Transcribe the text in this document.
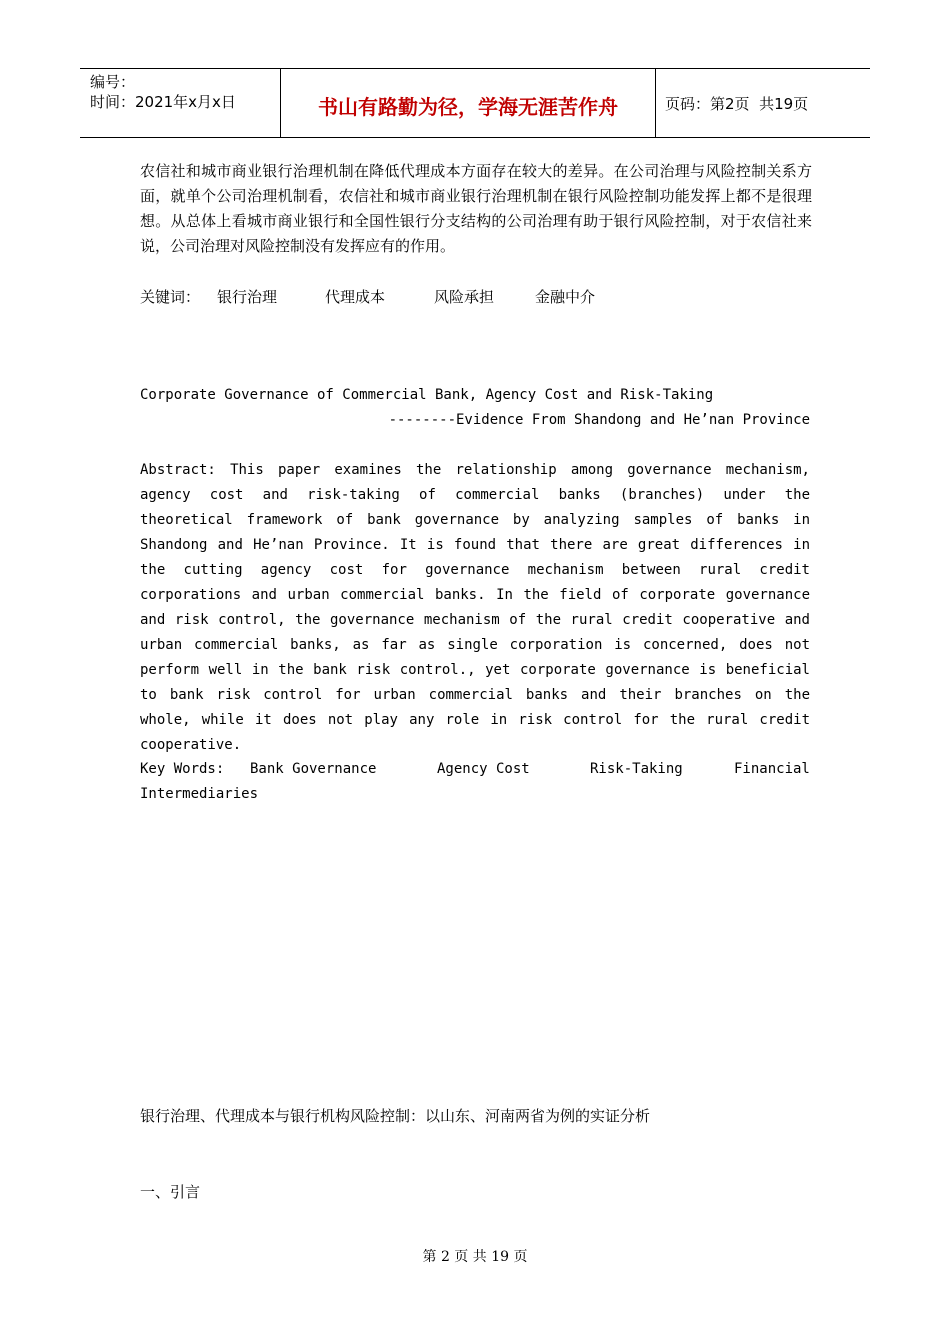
编号：
时间：2021年x月x日	书山有路勤为径，学海无涯苦作舟	页码：第2页  共19页
农信社和城市商业银行治理机制在降低代理成本方面存在较大的差异。在公司治理与风险控制关系方面，就单个公司治理机制看，农信社和城市商业银行治理机制在银行风险控制功能发挥上都不是很理想。从总体上看城市商业银行和全国性银行分支结构的公司治理有助于银行风险控制，对于农信社来说，公司治理对风险控制没有发挥应有的作用。
关键词： 银行治理	代理成本	风险承担	金融中介
Corporate Governance of Commercial Bank, Agency Cost and Risk-Taking
--------Evidence From Shandong and He’nan Province
Abstract: This paper examines the relationship among governance mechanism, agency cost and risk-taking of commercial banks (branches) under the theoretical framework of bank governance by analyzing samples of banks in Shandong and He’nan Province. It is found that there are great differences in the cutting agency cost for governance mechanism between rural credit corporations and urban commercial banks. In the field of corporate governance and risk control, the governance mechanism of the rural credit cooperative and urban commercial banks, as far as single corporation is concerned, does not perform well in the bank risk control., yet corporate governance is beneficial to bank risk control for urban commercial banks and their branches on the whole, while it does not play any role in risk control for the rural credit cooperative.
Key Words: Bank Governance	Agency Cost	Risk-Taking	Financial
Intermediaries
银行治理、代理成本与银行机构风险控制：以山东、河南两省为例的实证分析
一、引言
第 2 页 共 19 页
